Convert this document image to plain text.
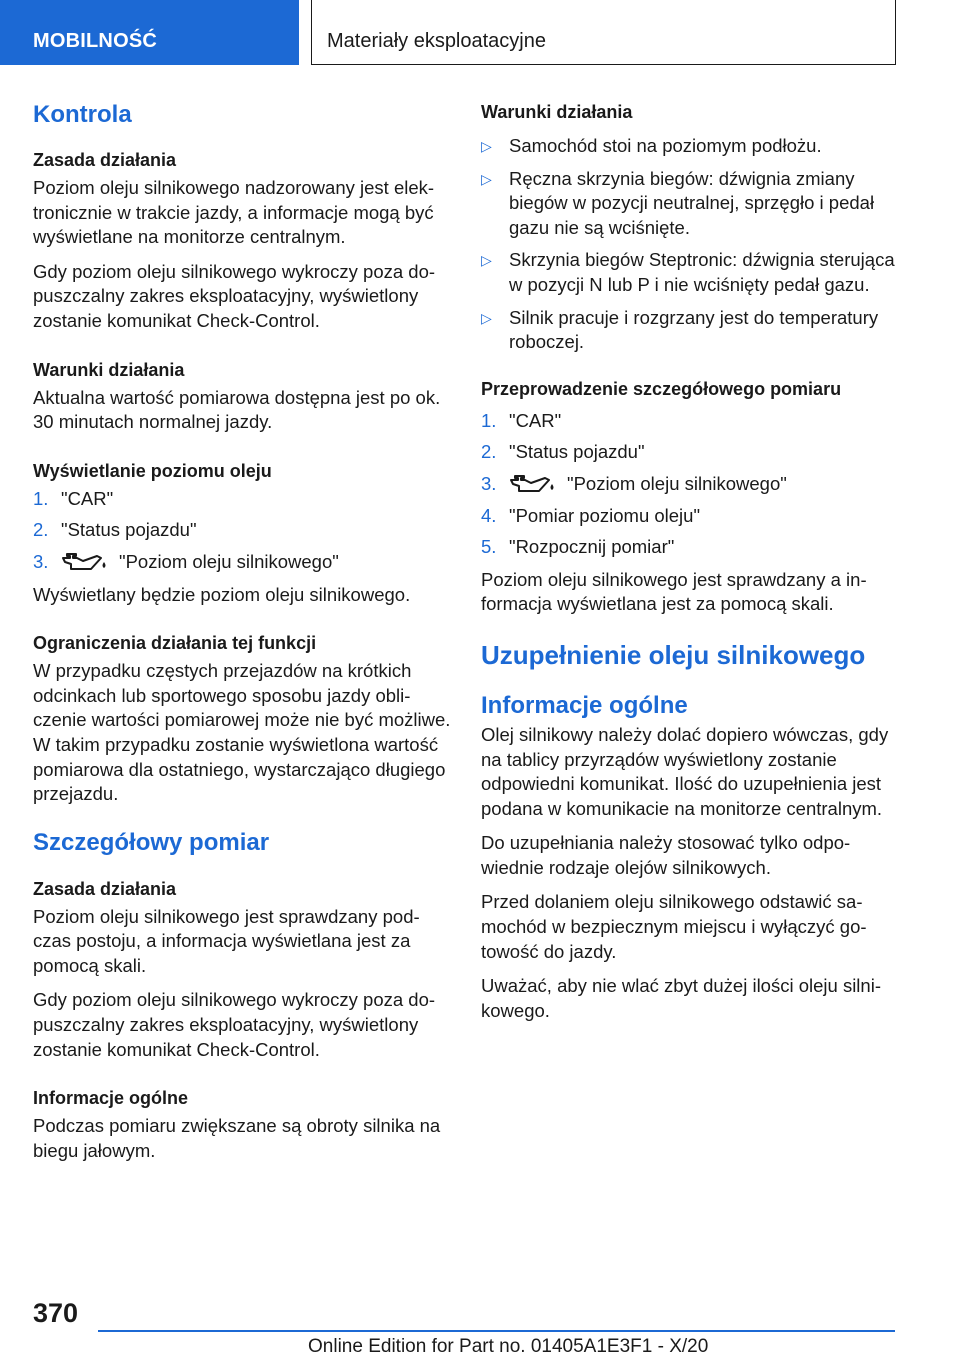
MOBILNOŚĆ	Materiały eksploatacyjne
Kontrola
Zasada działania

Poziom oleju silnikowego nadzorowany jest elektronicznie w trakcie jazdy, a informacje mogą być wyświetlane na monitorze centralnym.

Gdy poziom oleju silnikowego wykroczy poza dopuszczalny zakres eksploatacyjny, wyświetlony zostanie komunikat Check-Control.

Warunki działania

Aktualna wartość pomiarowa dostępna jest po ok. 30 minutach normalnej jazdy.

Wyświetlanie poziomu oleju
1. "CAR"
2. "Status pojazdu"
3.	"Poziom oleju silnikowego"

Wyświetlany będzie poziom oleju silnikowego.

Ograniczenia działania tej funkcji

W przypadku częstych przejazdów na krótkich odcinkach lub sportowego sposobu jazdy obliczenie wartości pomiarowej może nie być możliwe. W takim przypadku zostanie wyświetlona wartość pomiarowa dla ostatniego, wystarczająco długiego przejazdu.

Szczegółowy pomiar
Zasada działania

Poziom oleju silnikowego jest sprawdzany podczas postoju, a informacja wyświetlana jest za pomocą skali.

Gdy poziom oleju silnikowego wykroczy poza dopuszczalny zakres eksploatacyjny, wyświetlony zostanie komunikat Check-Control.

Informacje ogólne

Podczas pomiaru zwiększane są obroty silnika na biegu jałowym.

Warunki działania
▷ Samochód stoi na poziomym podłożu.
▷ Ręczna skrzynia biegów: dźwignia zmiany biegów w pozycji neutralnej, sprzęgło i pedał gazu nie są wciśnięte.
▷ Skrzynia biegów Steptronic: dźwignia sterująca w pozycji N lub P i nie wciśnięty pedał gazu.
▷ Silnik pracuje i rozgrzany jest do temperatury roboczej.
Przeprowadzenie szczegółowego pomiaru
1. "CAR"
2. "Status pojazdu"
3.	"Poziom oleju silnikowego"
4. "Pomiar poziomu oleju"
5. "Rozpocznij pomiar"

Poziom oleju silnikowego jest sprawdzany a informacja wyświetlana jest za pomocą skali.

Uzupełnienie oleju silnikowego
Informacje ogólne

Olej silnikowy należy dolać dopiero wówczas, gdy na tablicy przyrządów wyświetlony zostanie odpowiedni komunikat. Ilość do uzupełnienia jest podana w komunikacie na monitorze centralnym.

Do uzupełniania należy stosować tylko odpowiednie rodzaje olejów silnikowych.

Przed dolaniem oleju silnikowego odstawić samochód w bezpiecznym miejscu i wyłączyć gotowość do jazdy.

Uważać, aby nie wlać zbyt dużej ilości oleju silnikowego.

370
Online Edition for Part no. 01405A1E3F1 - X/20
